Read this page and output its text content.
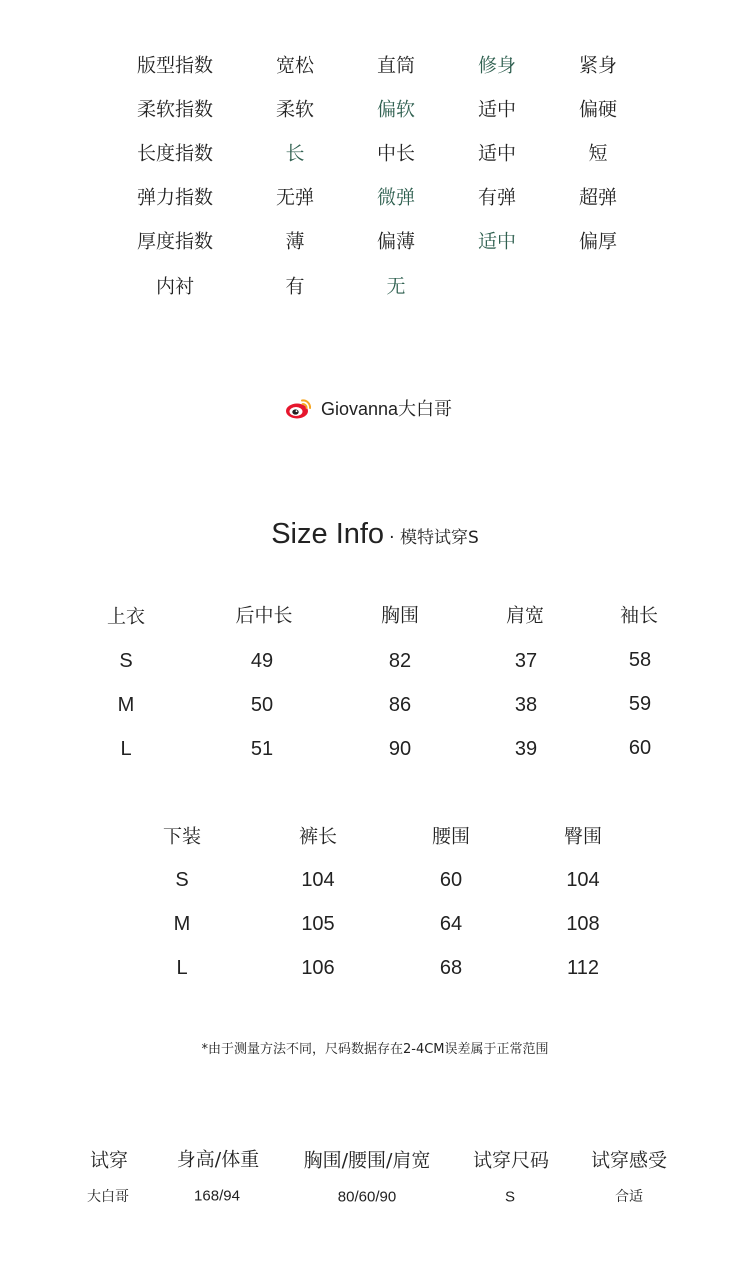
版型指数	宽松	直筒	修身	紧身
柔软指数	柔软	偏软	适中	偏硬
长度指数	长	中长	适中	短
弹力指数	无弹	微弹	有弹	超弹
厚度指数	薄	偏薄	适中	偏厚
内衬	有	无
Giovanna大白哥
Size Info · 模特试穿S
上衣	后中长	胸围	肩宽	袖长
S	49	82	37	58
M	50	86	38	59
L	51	90	39	60
下装	裤长	腰围	臀围
S	104	60	104
M	105	64	108
L	106	68	112
*由于测量方法不同，尺码数据存在2-4CM误差属于正常范围
试穿	身高/体重 胸围/腰围/肩宽 试穿尺码 试穿感受
大白哥	168/94	80/60/90	S	合适
